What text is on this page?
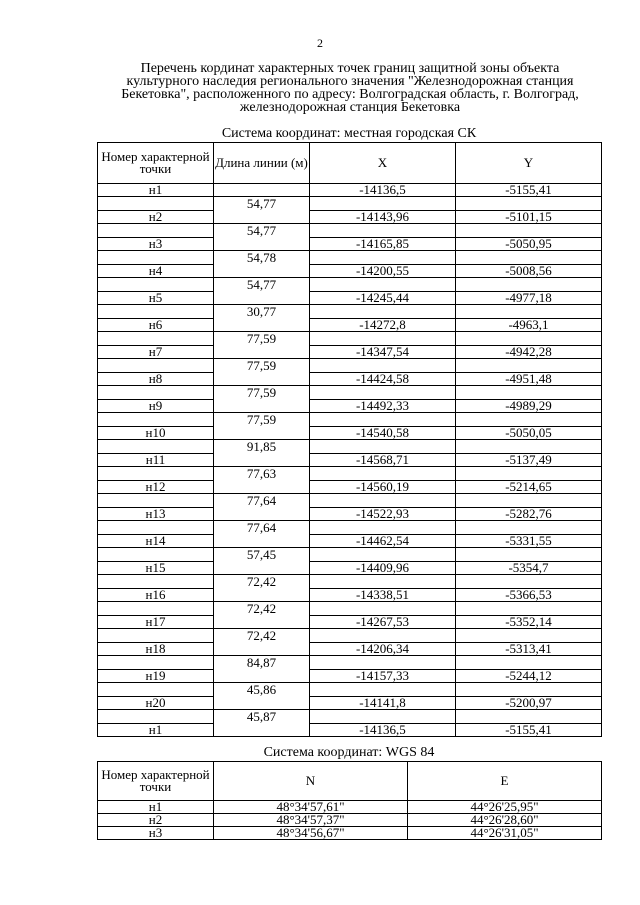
2
Перечень кординат характерных точек границ защитной зоны объекта
культурного наследия регионального значения "Железнодорожная станция
Бекетовка", расположенного по адресу: Волгоградская область, г. Волгоград,
железнодорожная станция Бекетовка
Система координат: местная городская СК
Номер характерной точки	Длина линии (м)	X	Y
н1		-14136,5	-5155,41
	54,77		
н2		-14143,96	-5101,15
	54,77		
н3		-14165,85	-5050,95
	54,78		
н4		-14200,55	-5008,56
	54,77		
н5		-14245,44	-4977,18
	30,77		
н6		-14272,8	-4963,1
	77,59		
н7		-14347,54	-4942,28
	77,59		
н8		-14424,58	-4951,48
	77,59		
н9		-14492,33	-4989,29
	77,59		
н10		-14540,58	-5050,05
	91,85		
н11		-14568,71	-5137,49
	77,63		
н12		-14560,19	-5214,65
	77,64		
н13		-14522,93	-5282,76
	77,64		
н14		-14462,54	-5331,55
	57,45		
н15		-14409,96	-5354,7
	72,42		
н16		-14338,51	-5366,53
	72,42		
н17		-14267,53	-5352,14
	72,42		
н18		-14206,34	-5313,41
	84,87		
н19		-14157,33	-5244,12
	45,86		
н20		-14141,8	-5200,97
	45,87		
н1		-14136,5	-5155,41
Система координат: WGS 84
Номер характерной точки	N	E
н1	48°34'57,61"	44°26'25,95"
н2	48°34'57,37"	44°26'28,60"
н3	48°34'56,67"	44°26'31,05"
